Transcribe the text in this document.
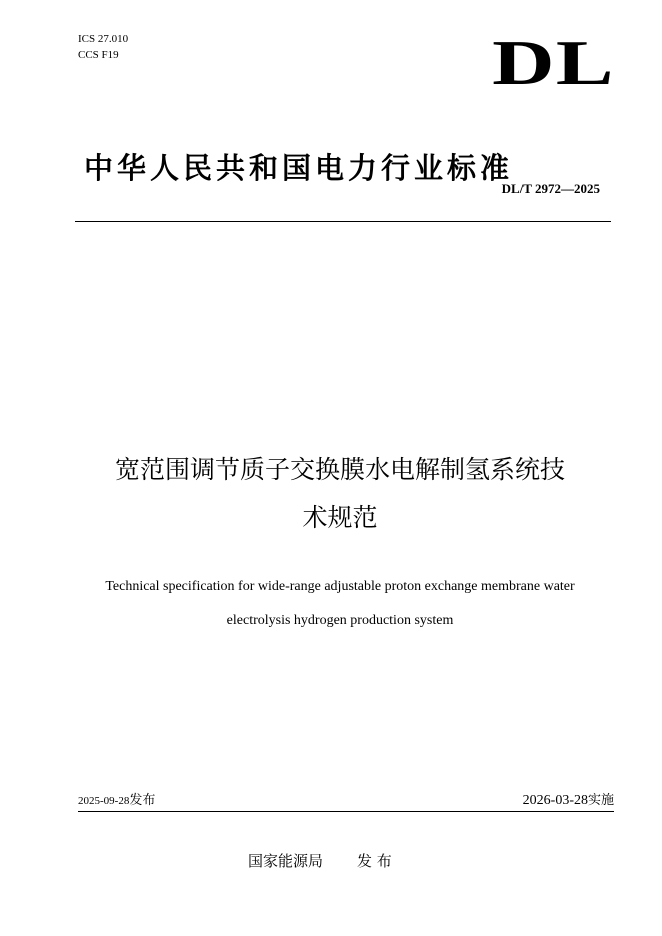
ICS 27.010
CCS F19	DL
中华人民共和国电力行业标准
DL/T 2972—2025
宽范围调节质子交换膜水电解制氢系统技
术规范
Technical specification for wide-range adjustable proton exchange membrane water
electrolysis hydrogen production system
2025-09-28发布	2026-03-28实施
国家能源局 发 布
